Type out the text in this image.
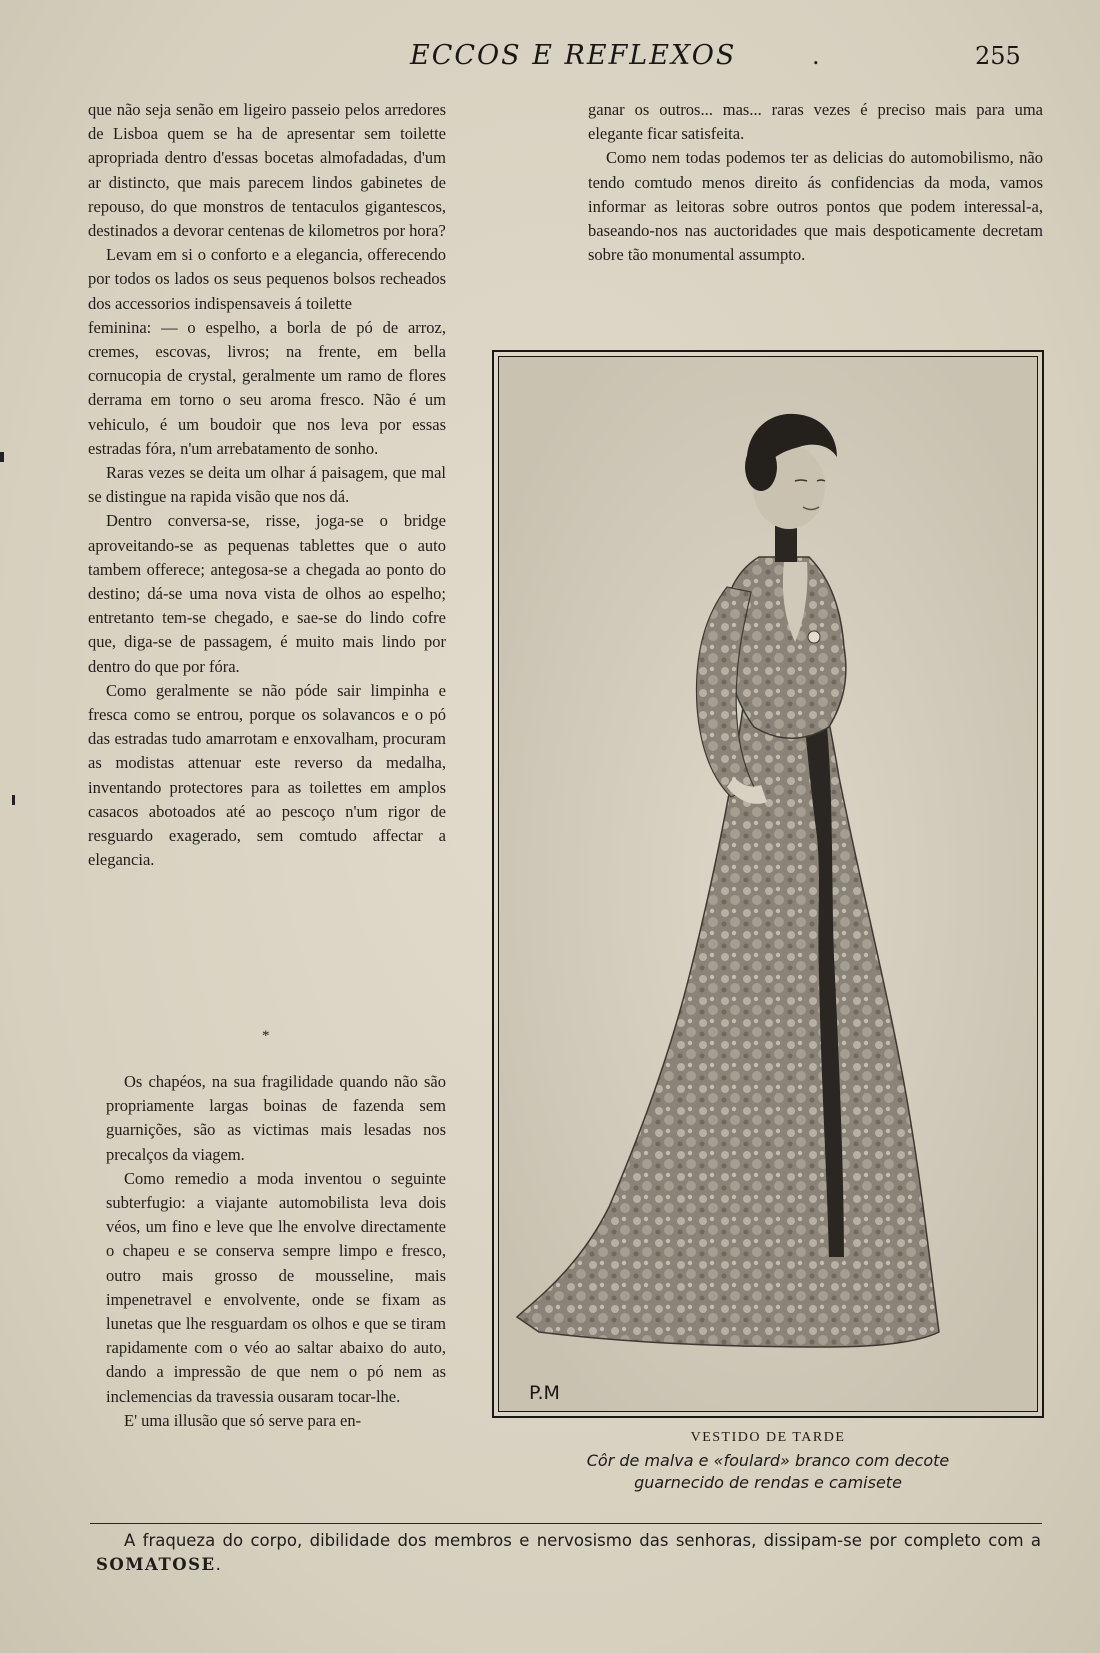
ECCOS E REFLEXOS	.	255

que não seja senão em ligeiro passeio pelos arredores de Lisboa quem se ha de apresentar sem toilette apropriada dentro d'essas bocetas almofadadas, d'um ar distincto, que mais parecem lindos gabinetes de repouso, do que monstros de tentaculos gigantescos, destinados a devorar centenas de kilometros por hora?

Levam em si o conforto e a elegancia, offerecendo por todos os lados os seus pequenos bolsos recheados dos accessorios indispensaveis á toilette

feminina: — o espelho, a borla de pó de arroz, cremes, escovas, livros; na frente, em bella cornucopia de crystal, geralmente um ramo de flores derrama em torno o seu aroma fresco. Não é um vehiculo, é um boudoir que nos leva por essas estradas fóra, n'um arrebatamento de sonho.

Raras vezes se deita um olhar á paisagem, que mal se distingue na rapida visão que nos dá.

Dentro conversa-se, risse, joga-se o bridge aproveitando-se as pequenas tablettes que o auto tambem offerece; antegosa-se a chegada ao ponto do destino; dá-se uma nova vista de olhos ao espelho; entretanto tem-se chegado, e sae-se do lindo cofre que, diga-se de passagem, é muito mais lindo por dentro do que por fóra.

Como geralmente se não póde sair limpinha e fresca como se entrou, porque os solavancos e o pó das estradas tudo amarrotam e enxovalham, procuram as modistas attenuar este reverso da medalha, inventando protectores para as toilettes em amplos casacos abotoados até ao pescoço n'um rigor de resguardo exagerado, sem comtudo affectar a elegancia.

*

Os chapéos, na sua fragilidade quando não são propriamente largas boinas de fazenda sem guarnições, são as victimas mais lesadas nos precalços da viagem.

Como remedio a moda inventou o seguinte subterfugio: a viajante automobilista leva dois véos, um fino e leve que lhe envolve directamente o chapeu e se conserva sempre limpo e fresco, outro mais grosso de mousseline, mais impenetravel e envolvente, onde se fixam as lunetas que lhe resguardam os olhos e que se tiram rapidamente com o véo ao saltar abaixo do auto, dando a impressão de que nem o pó nem as inclemencias da travessia ousaram tocar-lhe.

E' uma illusão que só serve para en-

ganar os outros... mas... raras vezes é preciso mais para uma elegante ficar satisfeita.

Como nem todas podemos ter as delicias do automobilismo, não tendo comtudo menos direito ás confidencias da moda, vamos informar as leitoras sobre outros pontos que podem interessal-a, baseando-nos nas auctoridades que mais despoticamente decretam sobre tão monumental assumpto.

P.M
VESTIDO DE TARDE
Côr de malva e «foulard» branco com decote
guarnecido de rendas e camisete
A fraqueza do corpo, dibilidade dos membros e nervosismo das senhoras, dissipam-se por completo com a SOMATOSE.
